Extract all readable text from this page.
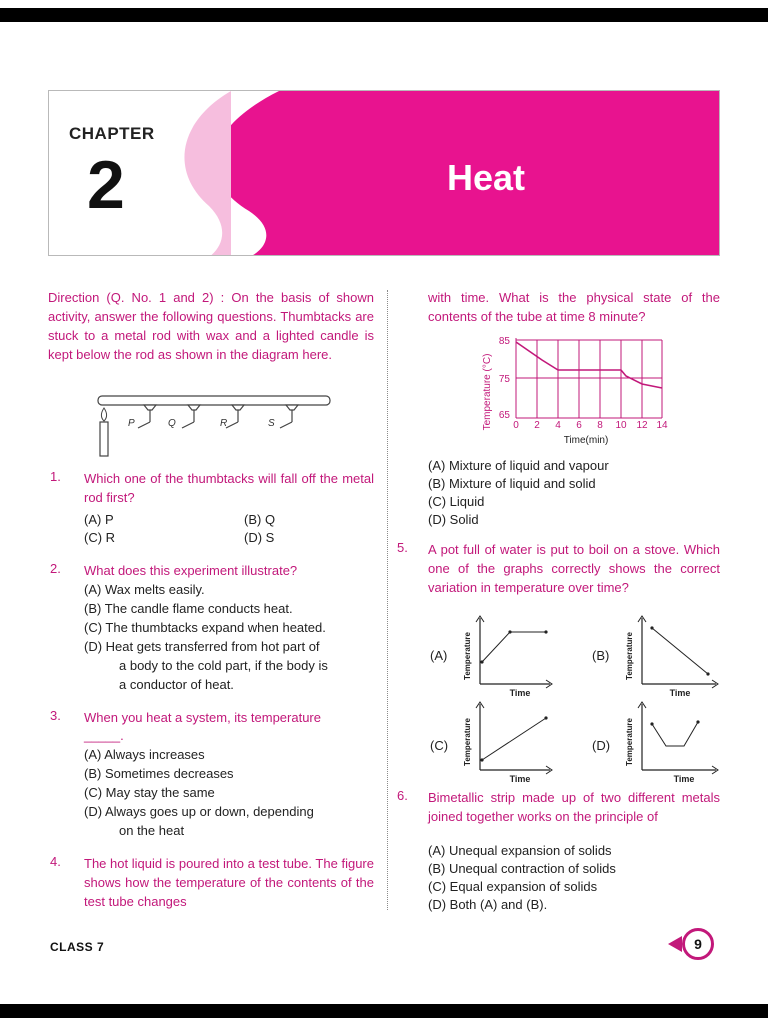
CHAPTER
2	Heat
Direction (Q. No. 1 and 2) : On the basis of shown activity, answer the following questions. Thumbtacks are stuck to a metal rod with wax and a lighted candle is kept below the rod as shown in the diagram here.
P	Q	R	S
1. Which one of the thumbtacks will fall off the metal rod first?
(A) P	(B) Q
(C) R	(D) S
2. What does this experiment illustrate?
(A) Wax melts easily.
(B) The candle flame conducts heat.
(C) The thumbtacks expand when heated.
(D) Heat gets transferred from hot part of
a body to the cold part, if the body is
a conductor of heat.
3. When you heat a system, its temperature
_____.
(A) Always increases
(B) Sometimes decreases
(C) May stay the same
(D) Always goes up or down, depending
on the heat
4. The hot liquid is poured into a test tube. The figure shows how the temperature of the contents of the test tube changes
with time. What is the physical state of the contents of the tube at time 8 minute?
Temperature (°C)
85
75
65
0 2 4 6 8 10 12 14
Time(min)
(A) Mixture of liquid and vapour
(B) Mixture of liquid and solid
(C) Liquid
(D) Solid
5. A pot full of water is put to boil on a stove. Which one of the graphs correctly shows the correct variation in temperature over time?
(A)	(B)
(C)	(D)
Temperature
Time
Temperature
Time
Temperature
Time
Temperature
Time
6. Bimetallic strip made up of two different metals joined together works on the principle of
(A) Unequal expansion of solids
(B) Unequal contraction of solids
(C) Equal expansion of solids
(D) Both (A) and (B).
CLASS 7	9
